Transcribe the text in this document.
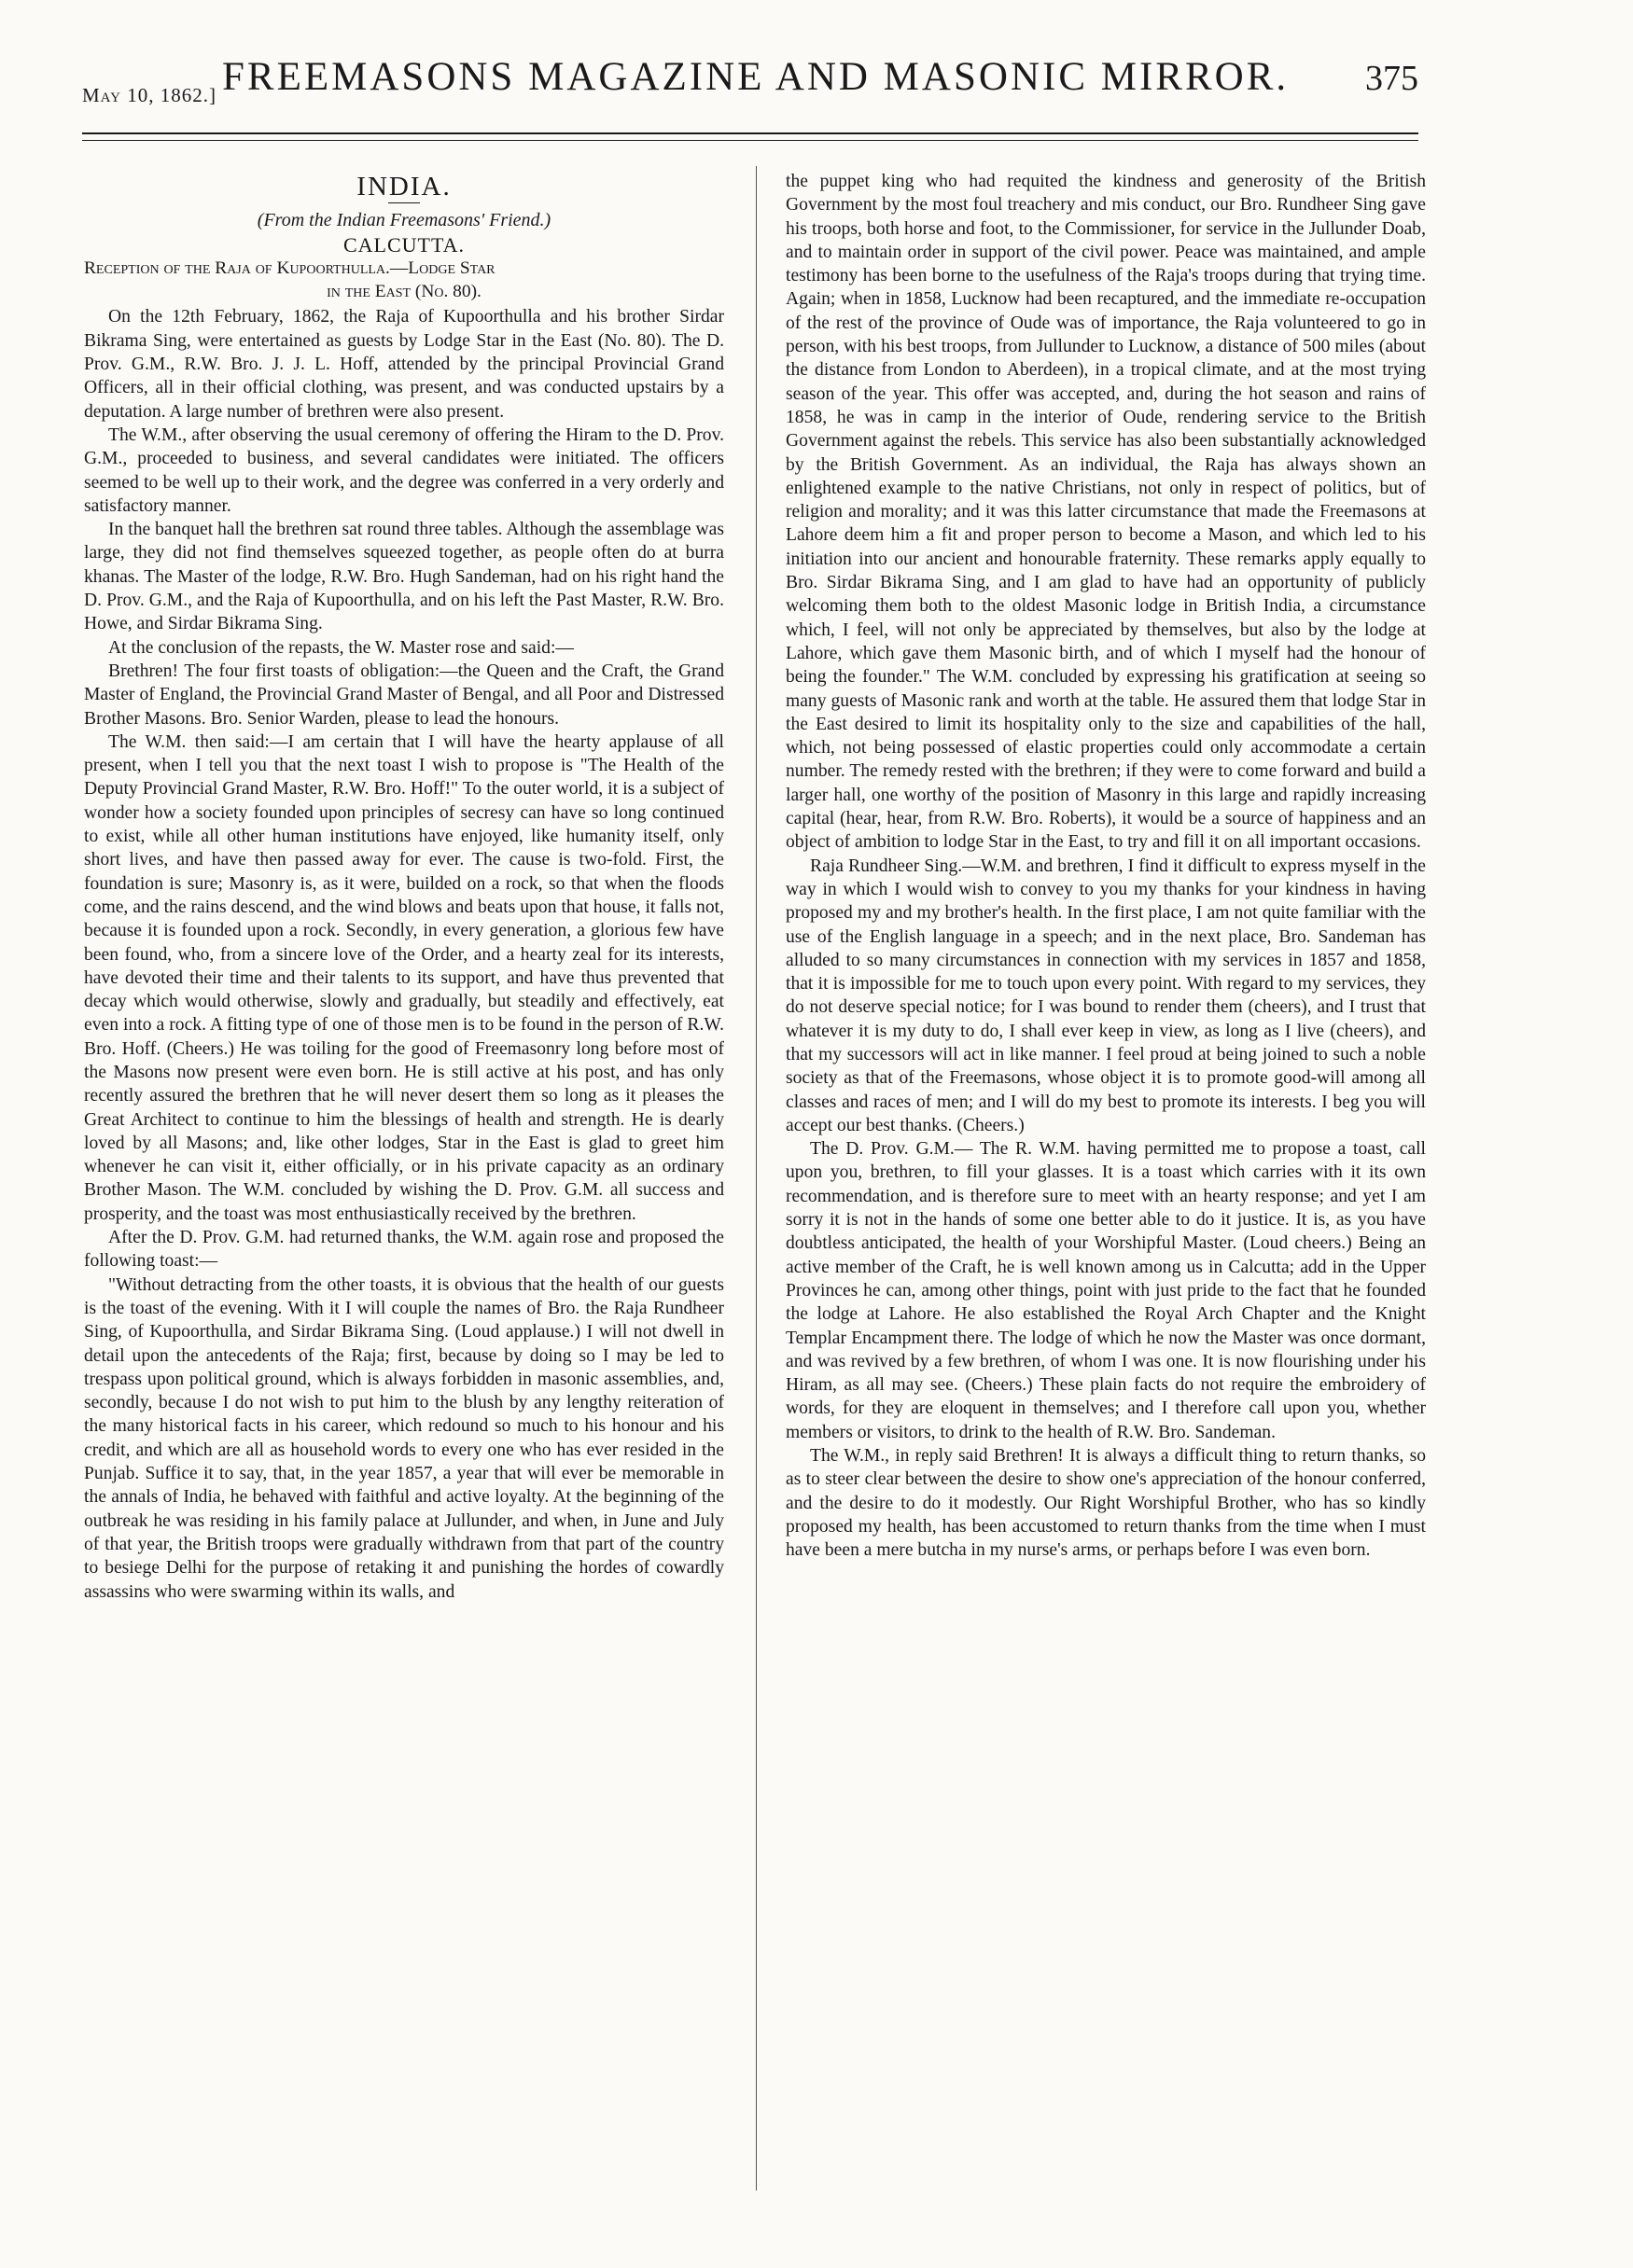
May 10, 1862.] FREEMASONS MAGAZINE AND MASONIC MIRROR. 375
INDIA.
(From the Indian Freemasons' Friend.)
CALCUTTA.

Reception of the Raja of Kupoorthulla.—Lodge Star

in the East (No. 80).

On the 12th February, 1862, the Raja of Kupoorthulla and his brother Sirdar Bikrama Sing, were entertained as guests by Lodge Star in the East (No. 80). The D. Prov. G.M., R.W. Bro. J. J. L. Hoff, attended by the principal Provincial Grand Officers, all in their official clothing, was present, and was conducted upstairs by a deputation. A large number of brethren were also present.

The W.M., after observing the usual ceremony of offering the Hiram to the D. Prov. G.M., proceeded to business, and several candidates were initiated. The officers seemed to be well up to their work, and the degree was conferred in a very orderly and satisfactory manner.

In the banquet hall the brethren sat round three tables. Although the assemblage was large, they did not find themselves squeezed together, as people often do at burra khanas. The Master of the lodge, R.W. Bro. Hugh Sandeman, had on his right hand the D. Prov. G.M., and the Raja of Kupoorthulla, and on his left the Past Master, R.W. Bro. Howe, and Sirdar Bikrama Sing.

At the conclusion of the repasts, the W. Master rose and said:—

Brethren! The four first toasts of obligation:—the Queen and the Craft, the Grand Master of England, the Provincial Grand Master of Bengal, and all Poor and Distressed Brother Masons. Bro. Senior Warden, please to lead the honours.

The W.M. then said:—I am certain that I will have the hearty applause of all present, when I tell you that the next toast I wish to propose is "The Health of the Deputy Provincial Grand Master, R.W. Bro. Hoff!" To the outer world, it is a subject of wonder how a society founded upon principles of secresy can have so long continued to exist, while all other human institutions have enjoyed, like humanity itself, only short lives, and have then passed away for ever. The cause is two-fold. First, the foundation is sure; Masonry is, as it were, builded on a rock, so that when the floods come, and the rains descend, and the wind blows and beats upon that house, it falls not, because it is founded upon a rock. Secondly, in every generation, a glorious few have been found, who, from a sincere love of the Order, and a hearty zeal for its interests, have devoted their time and their talents to its support, and have thus prevented that decay which would otherwise, slowly and gradually, but steadily and effectively, eat even into a rock. A fitting type of one of those men is to be found in the person of R.W. Bro. Hoff. (Cheers.) He was toiling for the good of Freemasonry long before most of the Masons now present were even born. He is still active at his post, and has only recently assured the brethren that he will never desert them so long as it pleases the Great Architect to continue to him the blessings of health and strength. He is dearly loved by all Masons; and, like other lodges, Star in the East is glad to greet him whenever he can visit it, either officially, or in his private capacity as an ordinary Brother Mason. The W.M. concluded by wishing the D. Prov. G.M. all success and prosperity, and the toast was most enthusiastically received by the brethren.

After the D. Prov. G.M. had returned thanks, the W.M. again rose and proposed the following toast:—

"Without detracting from the other toasts, it is obvious that the health of our guests is the toast of the evening. With it I will couple the names of Bro. the Raja Rundheer Sing, of Kupoorthulla, and Sirdar Bikrama Sing. (Loud applause.) I will not dwell in detail upon the antecedents of the Raja; first, because by doing so I may be led to trespass upon political ground, which is always forbidden in masonic assemblies, and, secondly, because I do not wish to put him to the blush by any lengthy reiteration of the many historical facts in his career, which redound so much to his honour and his credit, and which are all as household words to every one who has ever resided in the Punjab. Suffice it to say, that, in the year 1857, a year that will ever be memorable in the annals of India, he behaved with faithful and active loyalty. At the beginning of the outbreak he was residing in his family palace at Jullunder, and when, in June and July of that year, the British troops were gradually withdrawn from that part of the country to besiege Delhi for the purpose of retaking it and punishing the hordes of cowardly assassins who were swarming within its walls, and

the puppet king who had requited the kindness and generosity of the British Government by the most foul treachery and mis conduct, our Bro. Rundheer Sing gave his troops, both horse and foot, to the Commissioner, for service in the Jullunder Doab, and to maintain order in support of the civil power. Peace was maintained, and ample testimony has been borne to the usefulness of the Raja's troops during that trying time. Again; when in 1858, Lucknow had been recaptured, and the immediate re-occupation of the rest of the province of Oude was of importance, the Raja volunteered to go in person, with his best troops, from Jullunder to Lucknow, a distance of 500 miles (about the distance from London to Aberdeen), in a tropical climate, and at the most trying season of the year. This offer was accepted, and, during the hot season and rains of 1858, he was in camp in the interior of Oude, rendering service to the British Government against the rebels. This service has also been substantially acknowledged by the British Government. As an individual, the Raja has always shown an enlightened example to the native Christians, not only in respect of politics, but of religion and morality; and it was this latter circumstance that made the Freemasons at Lahore deem him a fit and proper person to become a Mason, and which led to his initiation into our ancient and honourable fraternity. These remarks apply equally to Bro. Sirdar Bikrama Sing, and I am glad to have had an opportunity of publicly welcoming them both to the oldest Masonic lodge in British India, a circumstance which, I feel, will not only be appreciated by themselves, but also by the lodge at Lahore, which gave them Masonic birth, and of which I myself had the honour of being the founder." The W.M. concluded by expressing his gratification at seeing so many guests of Masonic rank and worth at the table. He assured them that lodge Star in the East desired to limit its hospitality only to the size and capabilities of the hall, which, not being possessed of elastic properties could only accommodate a certain number. The remedy rested with the brethren; if they were to come forward and build a larger hall, one worthy of the position of Masonry in this large and rapidly increasing capital (hear, hear, from R.W. Bro. Roberts), it would be a source of happiness and an object of ambition to lodge Star in the East, to try and fill it on all important occasions.

Raja Rundheer Sing.—W.M. and brethren, I find it difficult to express myself in the way in which I would wish to convey to you my thanks for your kindness in having proposed my and my brother's health. In the first place, I am not quite familiar with the use of the English language in a speech; and in the next place, Bro. Sandeman has alluded to so many circumstances in connection with my services in 1857 and 1858, that it is impossible for me to touch upon every point. With regard to my services, they do not deserve special notice; for I was bound to render them (cheers), and I trust that whatever it is my duty to do, I shall ever keep in view, as long as I live (cheers), and that my successors will act in like manner. I feel proud at being joined to such a noble society as that of the Freemasons, whose object it is to promote good-will among all classes and races of men; and I will do my best to promote its interests. I beg you will accept our best thanks. (Cheers.)

The D. Prov. G.M.— The R. W.M. having permitted me to propose a toast, call upon you, brethren, to fill your glasses. It is a toast which carries with it its own recommendation, and is therefore sure to meet with an hearty response; and yet I am sorry it is not in the hands of some one better able to do it justice. It is, as you have doubtless anticipated, the health of your Worshipful Master. (Loud cheers.) Being an active member of the Craft, he is well known among us in Calcutta; add in the Upper Provinces he can, among other things, point with just pride to the fact that he founded the lodge at Lahore. He also established the Royal Arch Chapter and the Knight Templar Encampment there. The lodge of which he now the Master was once dormant, and was revived by a few brethren, of whom I was one. It is now flourishing under his Hiram, as all may see. (Cheers.) These plain facts do not require the embroidery of words, for they are eloquent in themselves; and I therefore call upon you, whether members or visitors, to drink to the health of R.W. Bro. Sandeman.

The W.M., in reply said Brethren! It is always a difficult thing to return thanks, so as to steer clear between the desire to show one's appreciation of the honour conferred, and the desire to do it modestly. Our Right Worshipful Brother, who has so kindly proposed my health, has been accustomed to return thanks from the time when I must have been a mere butcha in my nurse's arms, or perhaps before I was even born.
